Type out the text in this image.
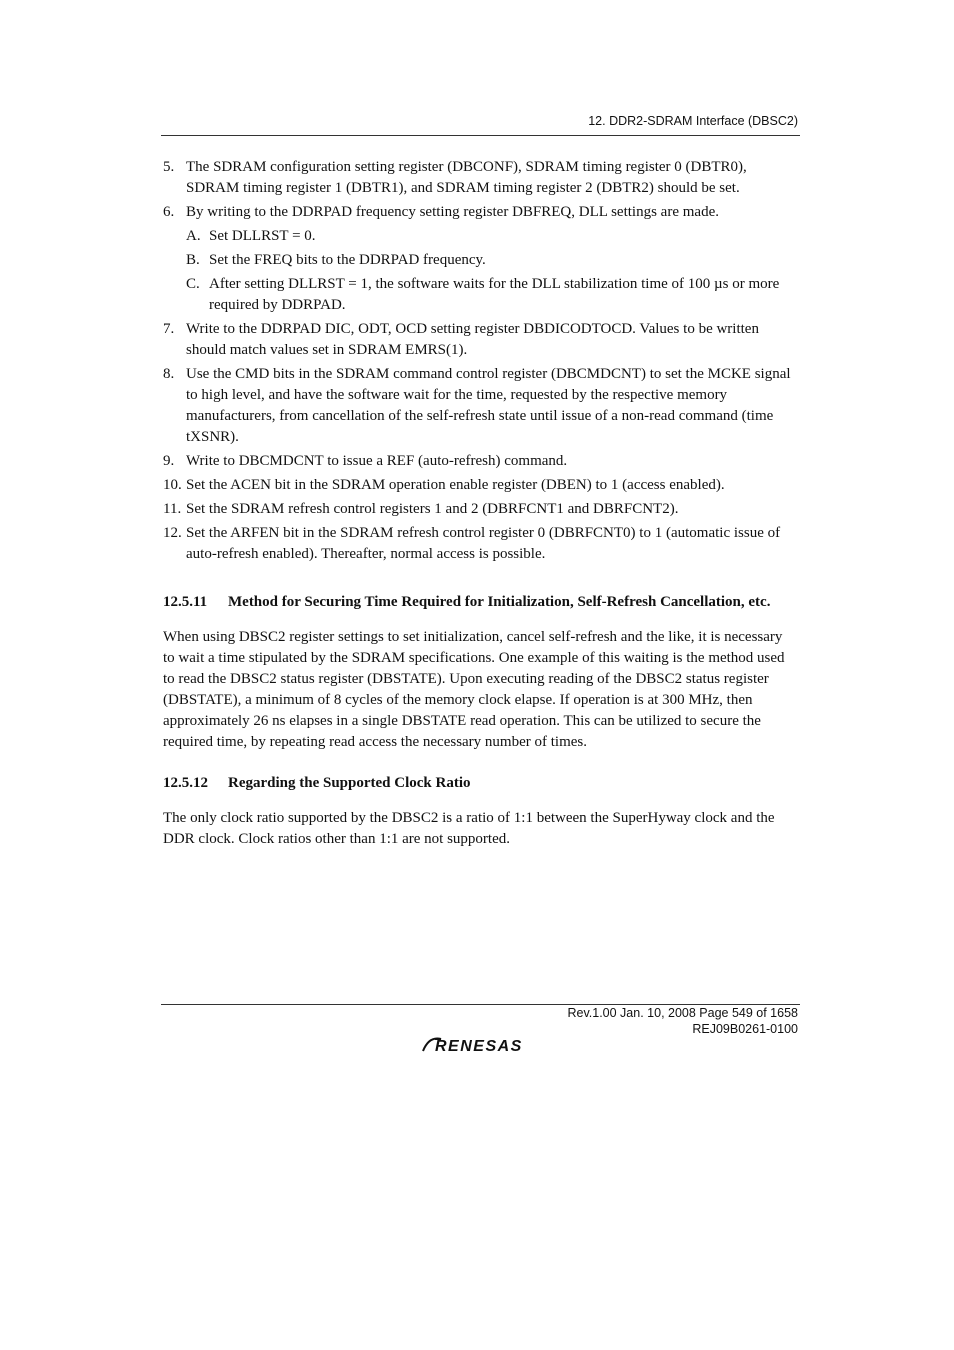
12. DDR2-SDRAM Interface (DBSC2)
5. The SDRAM configuration setting register (DBCONF), SDRAM timing register 0 (DBTR0), SDRAM timing register 1 (DBTR1), and SDRAM timing register 2 (DBTR2) should be set.
6. By writing to the DDRPAD frequency setting register DBFREQ, DLL settings are made.
A. Set DLLRST = 0.
B. Set the FREQ bits to the DDRPAD frequency.
C. After setting DLLRST = 1, the software waits for the DLL stabilization time of 100 µs or more required by DDRPAD.
7. Write to the DDRPAD DIC, ODT, OCD setting register DBDICODTOCD. Values to be written should match values set in SDRAM EMRS(1).
8. Use the CMD bits in the SDRAM command control register (DBCMDCNT) to set the MCKE signal to high level, and have the software wait for the time, requested by the respective memory manufacturers, from cancellation of the self-refresh state until issue of a non-read command (time tXSNR).
9. Write to DBCMDCNT to issue a REF (auto-refresh) command.
10. Set the ACEN bit in the SDRAM operation enable register (DBEN) to 1 (access enabled).
11. Set the SDRAM refresh control registers 1 and 2 (DBRFCNT1 and DBRFCNT2).
12. Set the ARFEN bit in the SDRAM refresh control register 0 (DBRFCNT0) to 1 (automatic issue of auto-refresh enabled). Thereafter, normal access is possible.
12.5.11 Method for Securing Time Required for Initialization, Self-Refresh Cancellation, etc.

When using DBSC2 register settings to set initialization, cancel self-refresh and the like, it is necessary to wait a time stipulated by the SDRAM specifications. One example of this waiting is the method used to read the DBSC2 status register (DBSTATE). Upon executing reading of the DBSC2 status register (DBSTATE), a minimum of 8 cycles of the memory clock elapse. If operation is at 300 MHz, then approximately 26 ns elapses in a single DBSTATE read operation. This can be utilized to secure the required time, by repeating read access the necessary number of times.

12.5.12 Regarding the Supported Clock Ratio

The only clock ratio supported by the DBSC2 is a ratio of 1:1 between the SuperHyway clock and the DDR clock. Clock ratios other than 1:1 are not supported.

Rev.1.00 Jan. 10, 2008 Page 549 of 1658
REJ09B0261-0100
RENESAS
